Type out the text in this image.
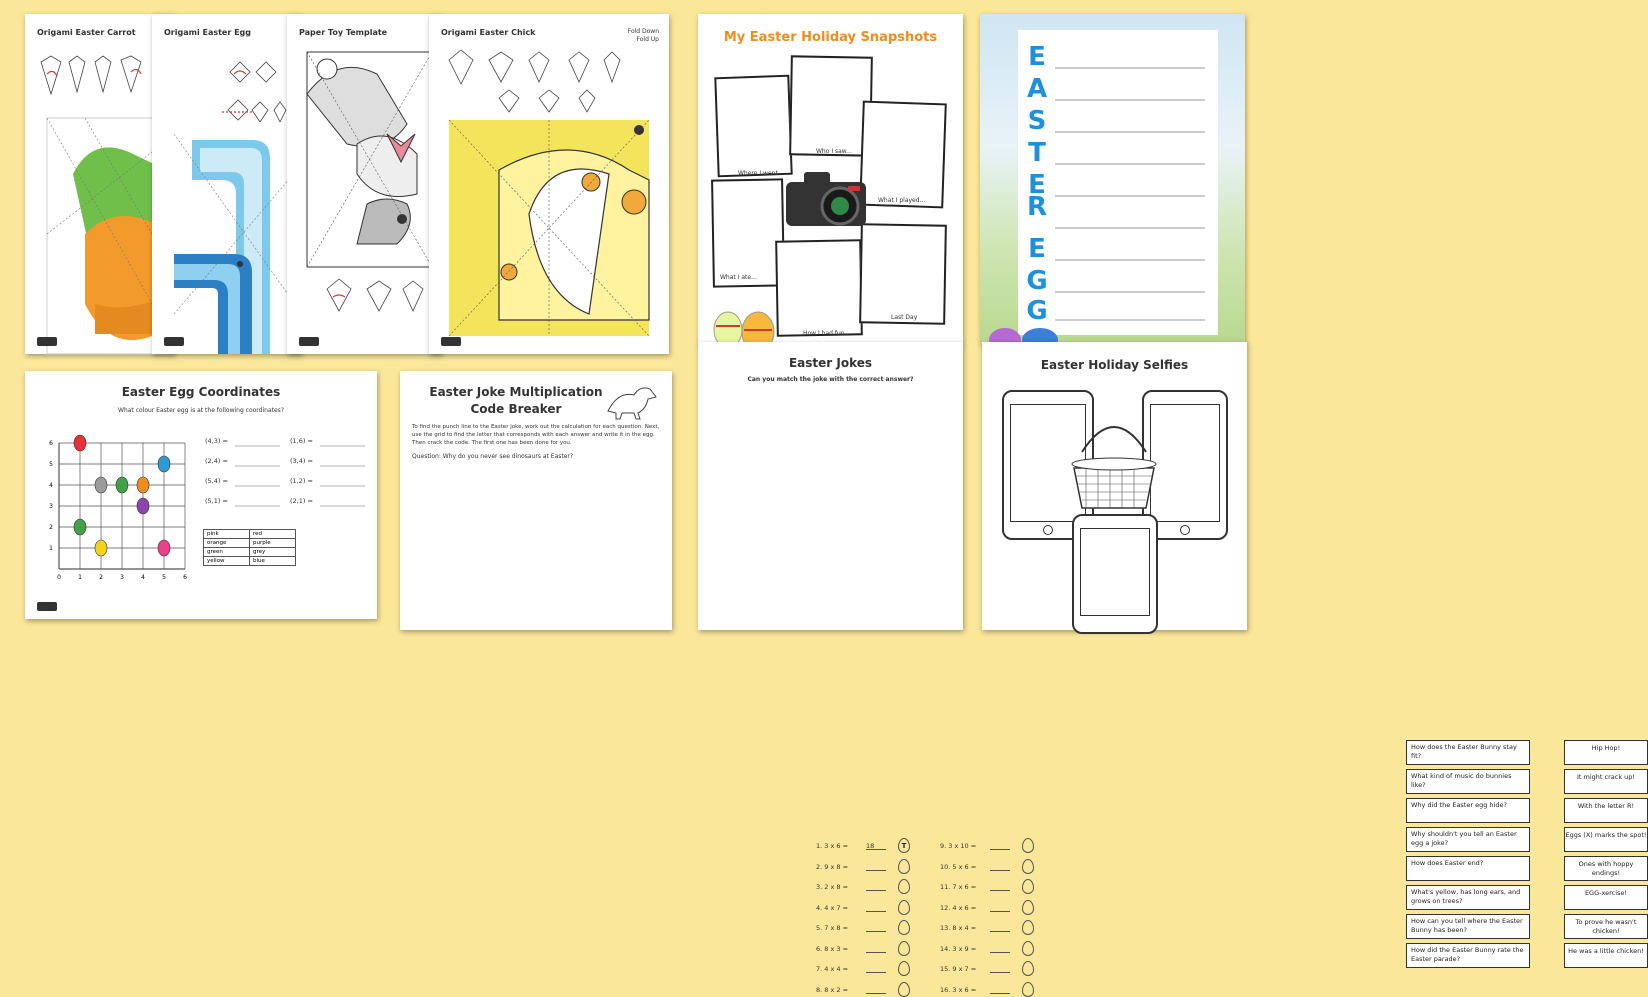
Origami Easter Carrot	Origami Easter Egg	Paper Toy Template	Origami Easter Chick	Fold Down
Fold Up	My Easter Holiday Snapshots
Where I went...
Who I saw...
What I played...
What I ate...
Last Day
How I had fun...
E
A
S
T
E
R
E
G
G
Easter Egg Coordinates
What colour Easter egg is at the following coordinates?
0	1
1
2
2
3
3
4
4
5
5
6
6	(4,3) =
(2,4) =
(5,4) =
(5,1) =
(1,6) =
(3,4) =
(1,2) =
(2,1) =
pink	red
orange	purple
green	grey
yellow	blue
Easter Joke Multiplication
Code Breaker
To find the punch line to the Easter joke, work out the calculation for each question. Next, use the grid to find the letter that corresponds with each answer and write it in the egg. Then crack the code. The first one has been done for you.
Question: Why do you never see dinosaurs at Easter?
1. 3 x 6 =	18	T
2. 9 x 8 =
3. 2 x 8 =
4. 4 x 7 =
5. 7 x 8 =
6. 8 x 3 =
7. 4 x 4 =
8. 8 x 2 =
9. 3 x 10 =
10. 5 x 6 =
11. 7 x 6 =
12. 4 x 6 =
13. 8 x 4 =
14. 3 x 9 =
15. 9 x 7 =
16. 3 x 6 =
Easter Jokes
Can you match the joke with the correct answer?
How does the Easter Bunny stay fit?
What kind of music do bunnies like?
Why did the Easter egg hide?
Why shouldn't you tell an Easter egg a joke?
How does Easter end?
What's yellow, has long ears, and grows on trees?
How can you tell where the Easter Bunny has been?
How did the Easter Bunny rate the Easter parade?
Hip Hop!
It might crack up!
With the letter R!
Eggs (X) marks the spot!
Ones with hoppy endings!
EGG-xercise!
To prove he wasn't chicken!
He was a little chicken!
Easter Holiday Selfies
